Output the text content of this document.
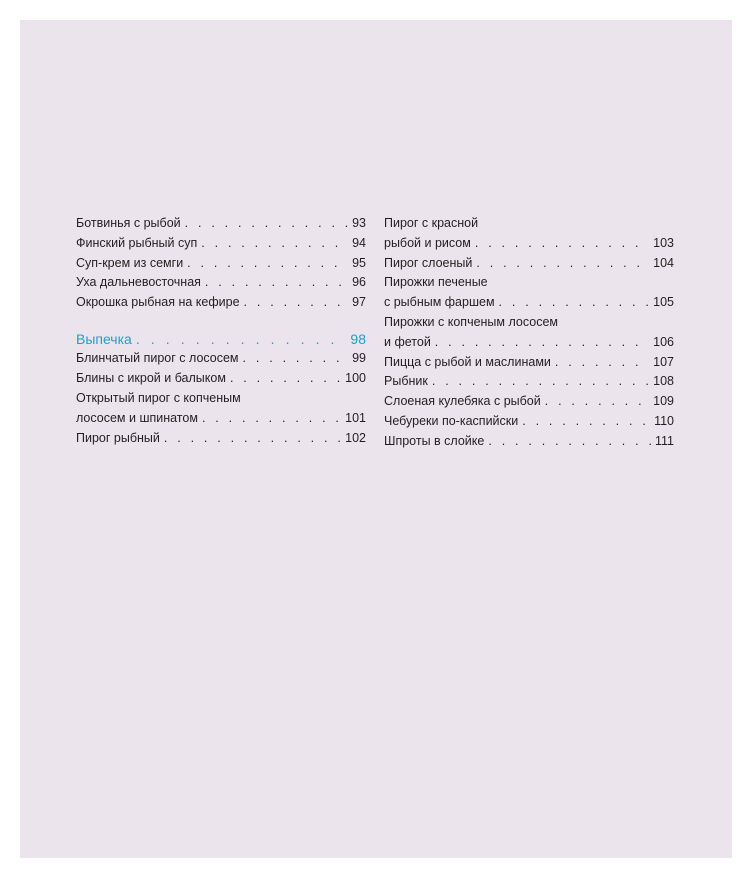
Ботвинья с рыбой . . .	93
Финский рыбный суп . . .	94
Суп-крем из семги . . .	95
Уха дальневосточная . . .	96
Окрошка рыбная на кефире . . .	97
Выпечка . . .	98
Блинчатый пирог с лососем . . .	99
Блины с икрой и балыком . . .	100
Открытый пирог с копченым
лососем и шпинатом . . .	101
Пирог рыбный . . .	102
Пирог с красной
рыбой и рисом . . .	103
Пирог слоеный . . .	104
Пирожки печеные
с рыбным фаршем . . .	105
Пирожки с копченым лососем
и фетой . . .	106
Пицца с рыбой и маслинами . . .	107
Рыбник . . .	108
Слоеная кулебяка с рыбой . . .	109
Чебуреки по-каспийски . . .	110
Шпроты в слойке . . .	111
